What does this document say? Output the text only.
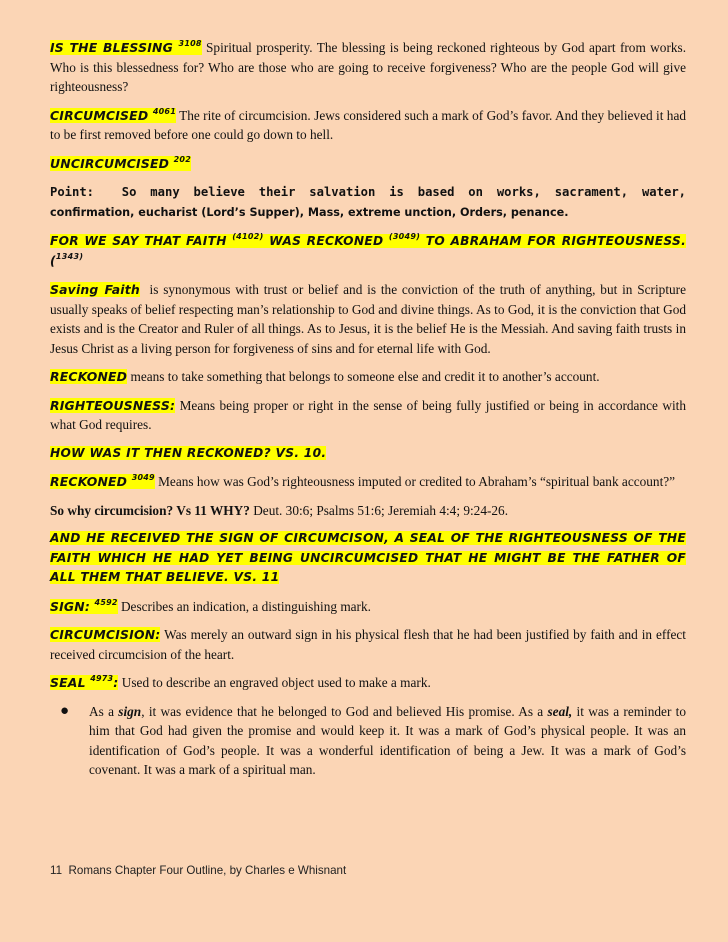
IS THE BLESSING $^{3108}$ Spiritual prosperity. The blessing is being reckoned righteous by God apart from works. Who is this blessedness for? Who are those who are going to receive forgiveness? Who are the people God will give righteousness?

CIRCUMCISED $^{4061}$ The rite of circumcision. Jews considered such a mark of God’s favor. And they believed it had to be first removed before one could go down to hell.

UNCIRCUMCISED $^{202}$

Point: So many believe their salvation is based on works, sacrament, water, confirmation, eucharist (Lord’s Supper), Mass, extreme unction, Orders, penance.

FOR WE SAY THAT FAITH $^{(4102)}$ WAS RECKONED $^{(3049)}$ TO ABRAHAM FOR RIGHTEOUSNESS. ($^{1343)}$

Saving Faith is synonymous with trust or belief and is the conviction of the truth of anything, but in Scripture usually speaks of belief respecting man’s relationship to God and divine things. As to God, it is the conviction that God exists and is the Creator and Ruler of all things. As to Jesus, it is the belief He is the Messiah. And saving faith trusts in Jesus Christ as a living person for forgiveness of sins and for eternal life with God.

RECKONED means to take something that belongs to someone else and credit it to another’s account.

RIGHTEOUSNESS: Means being proper or right in the sense of being fully justified or being in accordance with what God requires.

HOW WAS IT THEN RECKONED? VS. 10.

RECKONED $^{3049}$ Means how was God’s righteousness imputed or credited to Abraham’s “spiritual bank account?”

So why circumcision? Vs 11 WHY? Deut. 30:6; Psalms 51:6; Jeremiah 4:4; 9:24-26.

AND HE RECEIVED THE SIGN OF CIRCUMCISON, A SEAL OF THE RIGHTEOUSNESS OF THE FAITH WHICH HE HAD YET BEING UNCIRCUMCISED THAT HE MIGHT BE THE FATHER OF ALL THEM THAT BELIEVE. VS. 11

SIGN: $^{4592}$ Describes an indication, a distinguishing mark.

CIRCUMCISION: Was merely an outward sign in his physical flesh that he had been justified by faith and in effect received circumcision of the heart.

SEAL $^{4973}$: Used to describe an engraved object used to make a mark.

● As a sign, it was evidence that he belonged to God and believed His promise. As a seal, it was a reminder to him that God had given the promise and would keep it. It was a mark of God’s physical people. It was an identification of God’s people. It was a wonderful identification of being a Jew. It was a mark of God’s covenant. It was a mark of a spiritual man.
11 Romans Chapter Four Outline, by Charles e Whisnant
